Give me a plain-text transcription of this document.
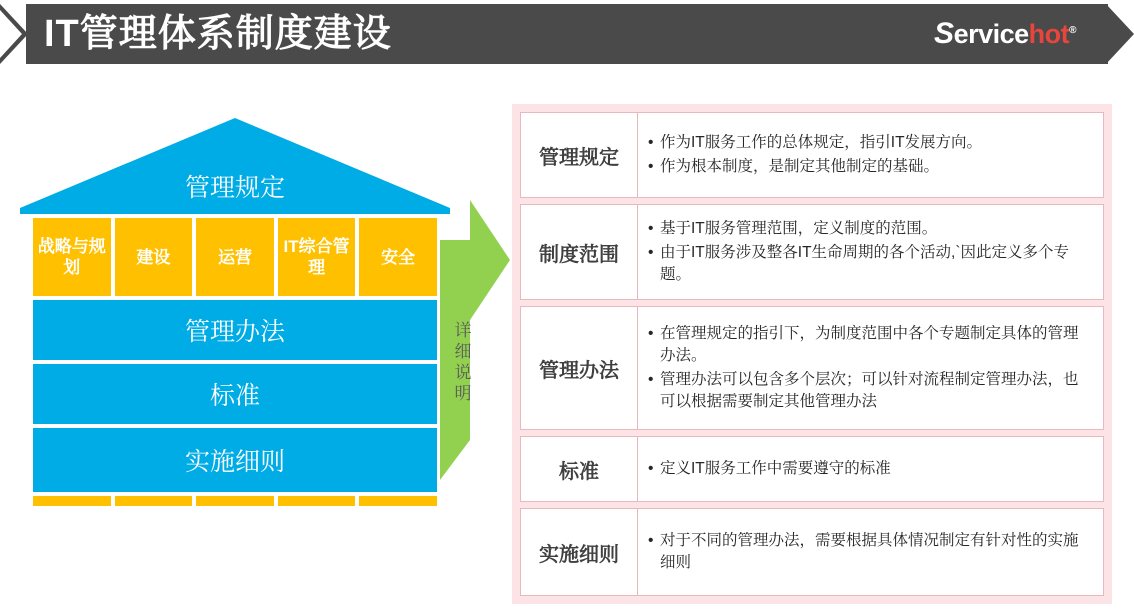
IT管理体系制度建设	Servicehot®
管理规定
战略与规划
建设	运营
IT综合管理
安全
管理办法
标准
实施细则
详细说明
管理规定
• 作为IT服务工作的总体规定，指引IT发展方向。
• 作为根本制度，是制定其他制定的基础。
制度范围
• 基于IT服务管理范围，定义制度的范围。
• 由于IT服务涉及整各IT生命周期的各个活动,`因此定义多个专题。
管理办法
• 在管理规定的指引下，为制度范围中各个专题制定具体的管理办法。
• 管理办法可以包含多个层次；可以针对流程制定管理办法，也可以根据需要制定其他管理办法
标准	• 定义IT服务工作中需要遵守的标准
实施细则
• 对于不同的管理办法，需要根据具体情况制定有针对性的实施细则
